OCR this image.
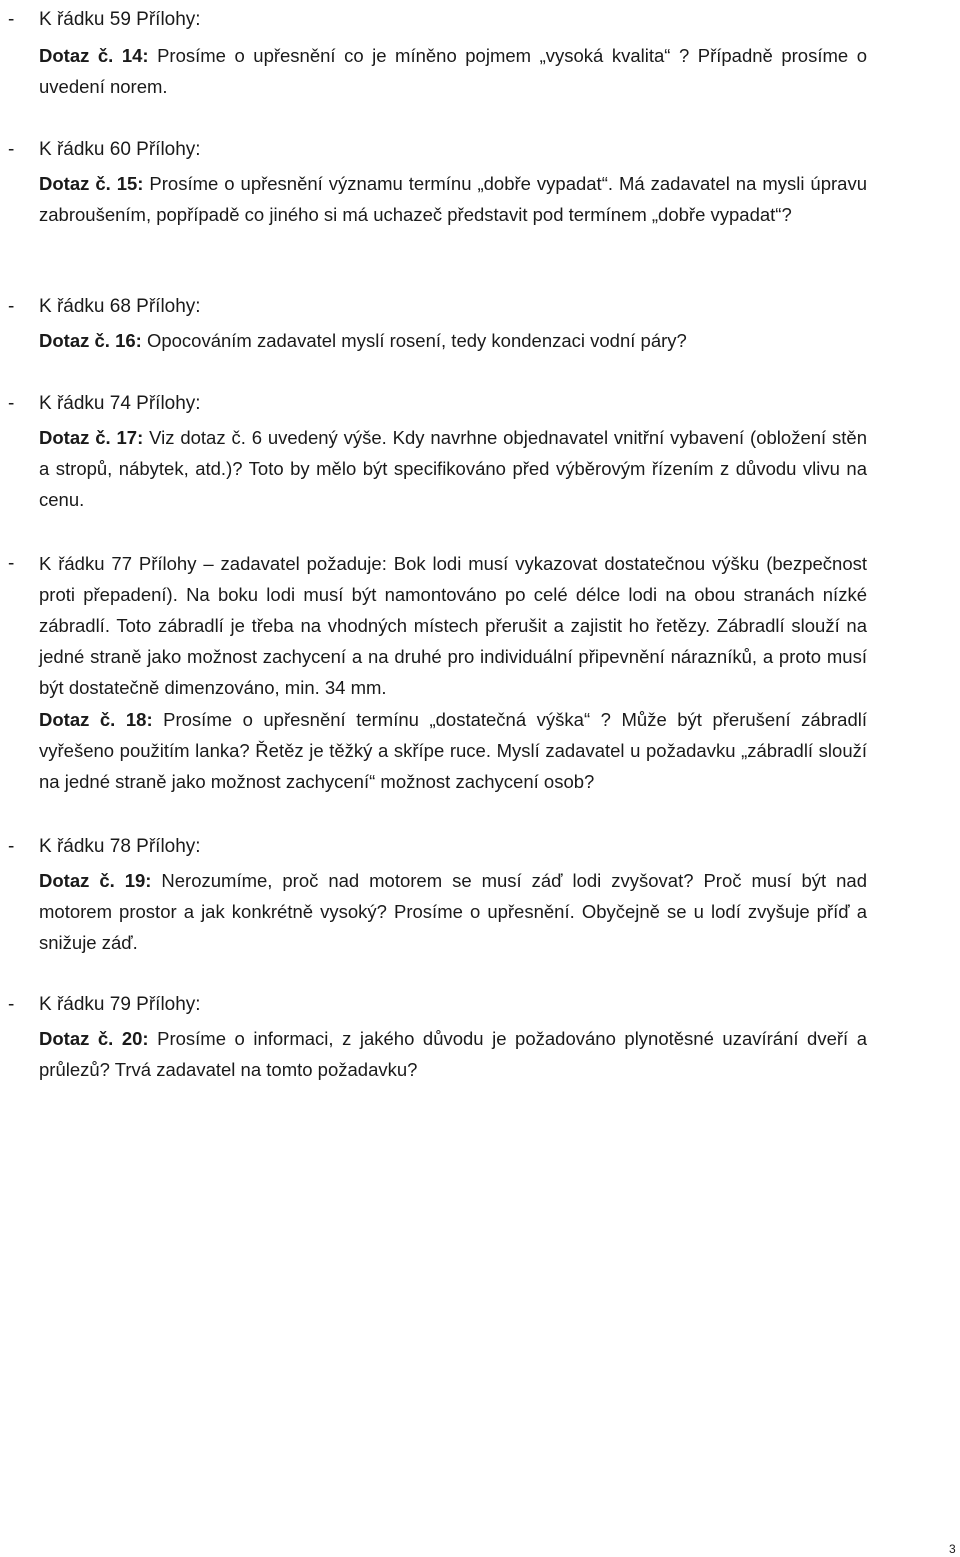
- K řádku 59 Přílohy:

Dotaz č. 14: Prosíme o upřesnění co je míněno pojmem „vysoká kvalita“ ? Případně prosíme o uvedení norem.

- K řádku 60 Přílohy:

Dotaz č. 15: Prosíme o upřesnění významu termínu „dobře vypadat“. Má zadavatel na mysli úpravu zabroušením, popřípadě co jiného si má uchazeč představit pod termínem „dobře vypadat“?

- K řádku 68 Přílohy:

Dotaz č. 16: Opocováním zadavatel myslí rosení, tedy kondenzaci vodní páry?

- K řádku 74 Přílohy:

Dotaz č. 17: Viz dotaz č. 6 uvedený výše. Kdy navrhne objednavatel vnitřní vybavení (obložení stěn a stropů, nábytek, atd.)? Toto by mělo být specifikováno před výběrovým řízením z důvodu vlivu na cenu.

- K řádku 77 Přílohy – zadavatel požaduje: Bok lodi musí vykazovat dostatečnou výšku (bezpečnost proti přepadení). Na boku lodi musí být namontováno po celé délce lodi na obou stranách nízké zábradlí. Toto zábradlí je třeba na vhodných místech přerušit a zajistit ho řetězy. Zábradlí slouží na jedné straně jako možnost zachycení a na druhé pro individuální připevnění nárazníků, a proto musí být dostatečně dimenzováno, min. 34 mm.

Dotaz č. 18: Prosíme o upřesnění termínu „dostatečná výška“ ? Může být přerušení zábradlí vyřešeno použitím lanka? Řetěz je těžký a skřípe ruce. Myslí zadavatel u požadavku „zábradlí slouží na jedné straně jako možnost zachycení“ možnost zachycení osob?

- K řádku 78 Přílohy:

Dotaz č. 19: Nerozumíme, proč nad motorem se musí záď lodi zvyšovat? Proč musí být nad motorem prostor a jak konkrétně vysoký? Prosíme o upřesnění. Obyčejně se u lodí zvyšuje příď a snižuje záď.

- K řádku 79 Přílohy:

Dotaz č. 20: Prosíme o informaci, z jakého důvodu je požadováno plynotěsné uzavírání dveří a průlezů? Trvá zadavatel na tomto požadavku?

3
